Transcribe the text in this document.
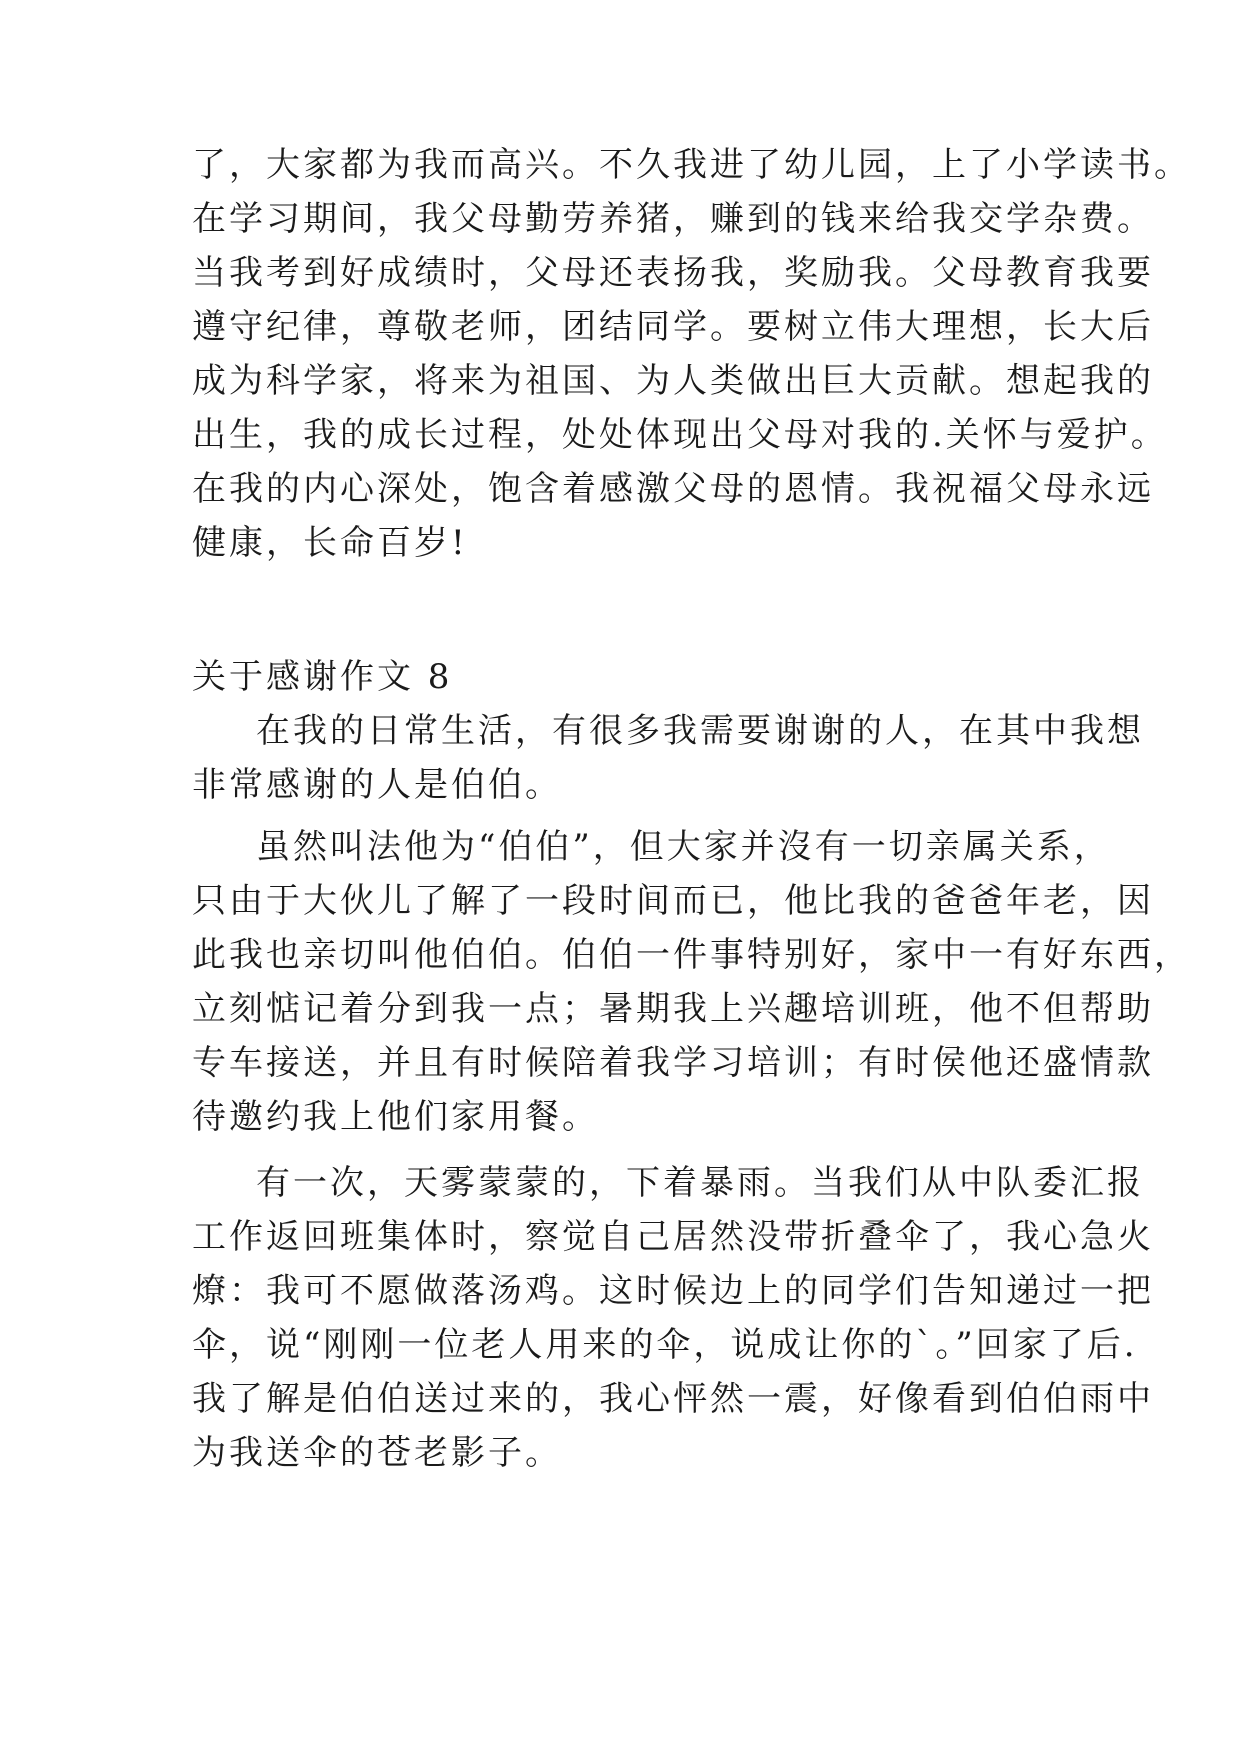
了，大家都为我而高兴。不久我进了幼儿园，上了小学读书。
在学习期间，我父母勤劳养猪，赚到的钱来给我交学杂费。
当我考到好成绩时，父母还表扬我，奖励我。父母教育我要
遵守纪律，尊敬老师，团结同学。要树立伟大理想，长大后
成为科学家，将来为祖国、为人类做出巨大贡献。想起我的
出生，我的成长过程，处处体现出父母对我的.关怀与爱护。
在我的内心深处，饱含着感激父母的恩情。我祝福父母永远
健康，长命百岁!
关于感谢作文 8
在我的日常生活，有很多我需要谢谢的人，在其中我想
非常感谢的人是伯伯。
虽然叫法他为“伯伯”，但大家并沒有一切亲属关系，
只由于大伙儿了解了一段时间而已，他比我的爸爸年老，因
此我也亲切叫他伯伯。伯伯一件事特别好，家中一有好东西，
立刻惦记着分到我一点；暑期我上兴趣培训班，他不但帮助
专车接送，并且有时候陪着我学习培训；有时侯他还盛情款
待邀约我上他们家用餐。
有一次，天雾蒙蒙的，下着暴雨。当我们从中队委汇报
工作返回班集体时，察觉自己居然没带折叠伞了，我心急火
燎：我可不愿做落汤鸡。这时候边上的同学们告知递过一把
伞，说“刚刚一位老人用来的伞，说成让你的`。”回家了后.
我了解是伯伯送过来的，我心怦然一震，好像看到伯伯雨中
为我送伞的苍老影子。
